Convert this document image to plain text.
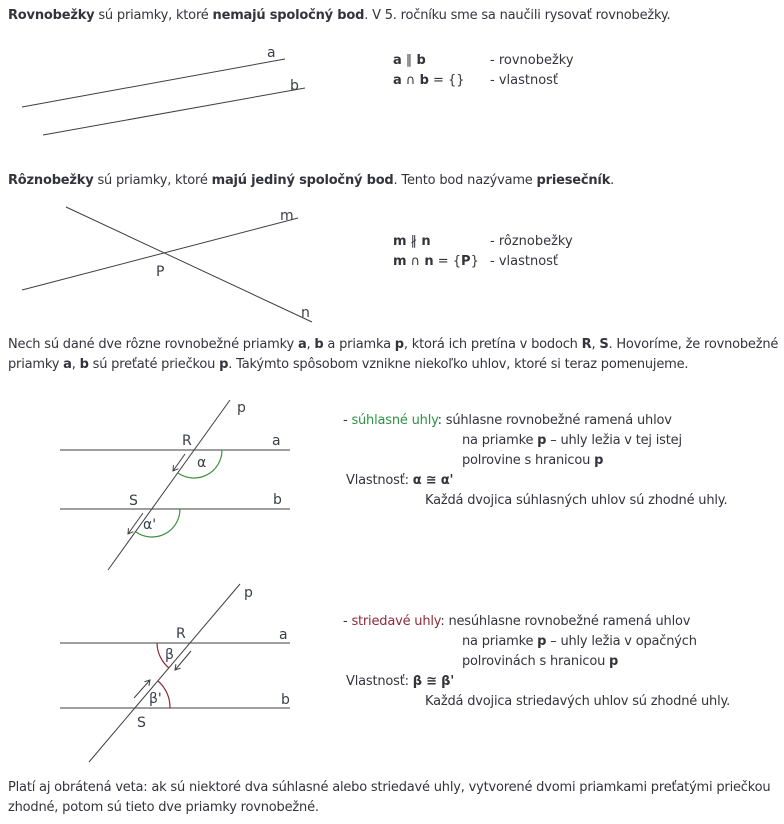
Rovnobežky sú priamky, ktoré nemajú spoločný bod. V 5. ročníku sme sa naučili rysovať rovnobežky.
a
b
a ∥ b	- rovnobežky
a ∩ b = {}	- vlastnosť
Rôznobežky sú priamky, ktoré majú jediný spoločný bod. Tento bod nazývame priesečník.
m
n
P
m ∦ n	- rôznobežky
m ∩ n = {P} - vlastnosť
Nech sú dané dve rôzne rovnobežné priamky a, b a priamka p, ktorá ich pretína v bodoch R, S. Hovoríme, že rovnobežné priamky a, b sú preťaté priečkou p. Takýmto spôsobom vznikne niekoľko uhlov, ktoré si teraz pomenujeme.
p
a
b
R
S
α
α'
- súhlasné uhly: súhlasne rovnobežné ramená uhlov
na priamke p – uhly ležia v tej istej
polrovine s hranicou p
Vlastnosť: α ≅ α'
Každá dvojica súhlasných uhlov sú zhodné uhly.
p
a
b
R
S
β
β'
- striedavé uhly: nesúhlasne rovnobežné ramená uhlov
na priamke p – uhly ležia v opačných
polrovinách s hranicou p
Vlastnosť: β ≅ β'
Každá dvojica striedavých uhlov sú zhodné uhly.
Platí aj obrátená veta: ak sú niektoré dva súhlasné alebo striedavé uhly, vytvorené dvomi priamkami preťatými priečkou zhodné, potom sú tieto dve priamky rovnobežné.
